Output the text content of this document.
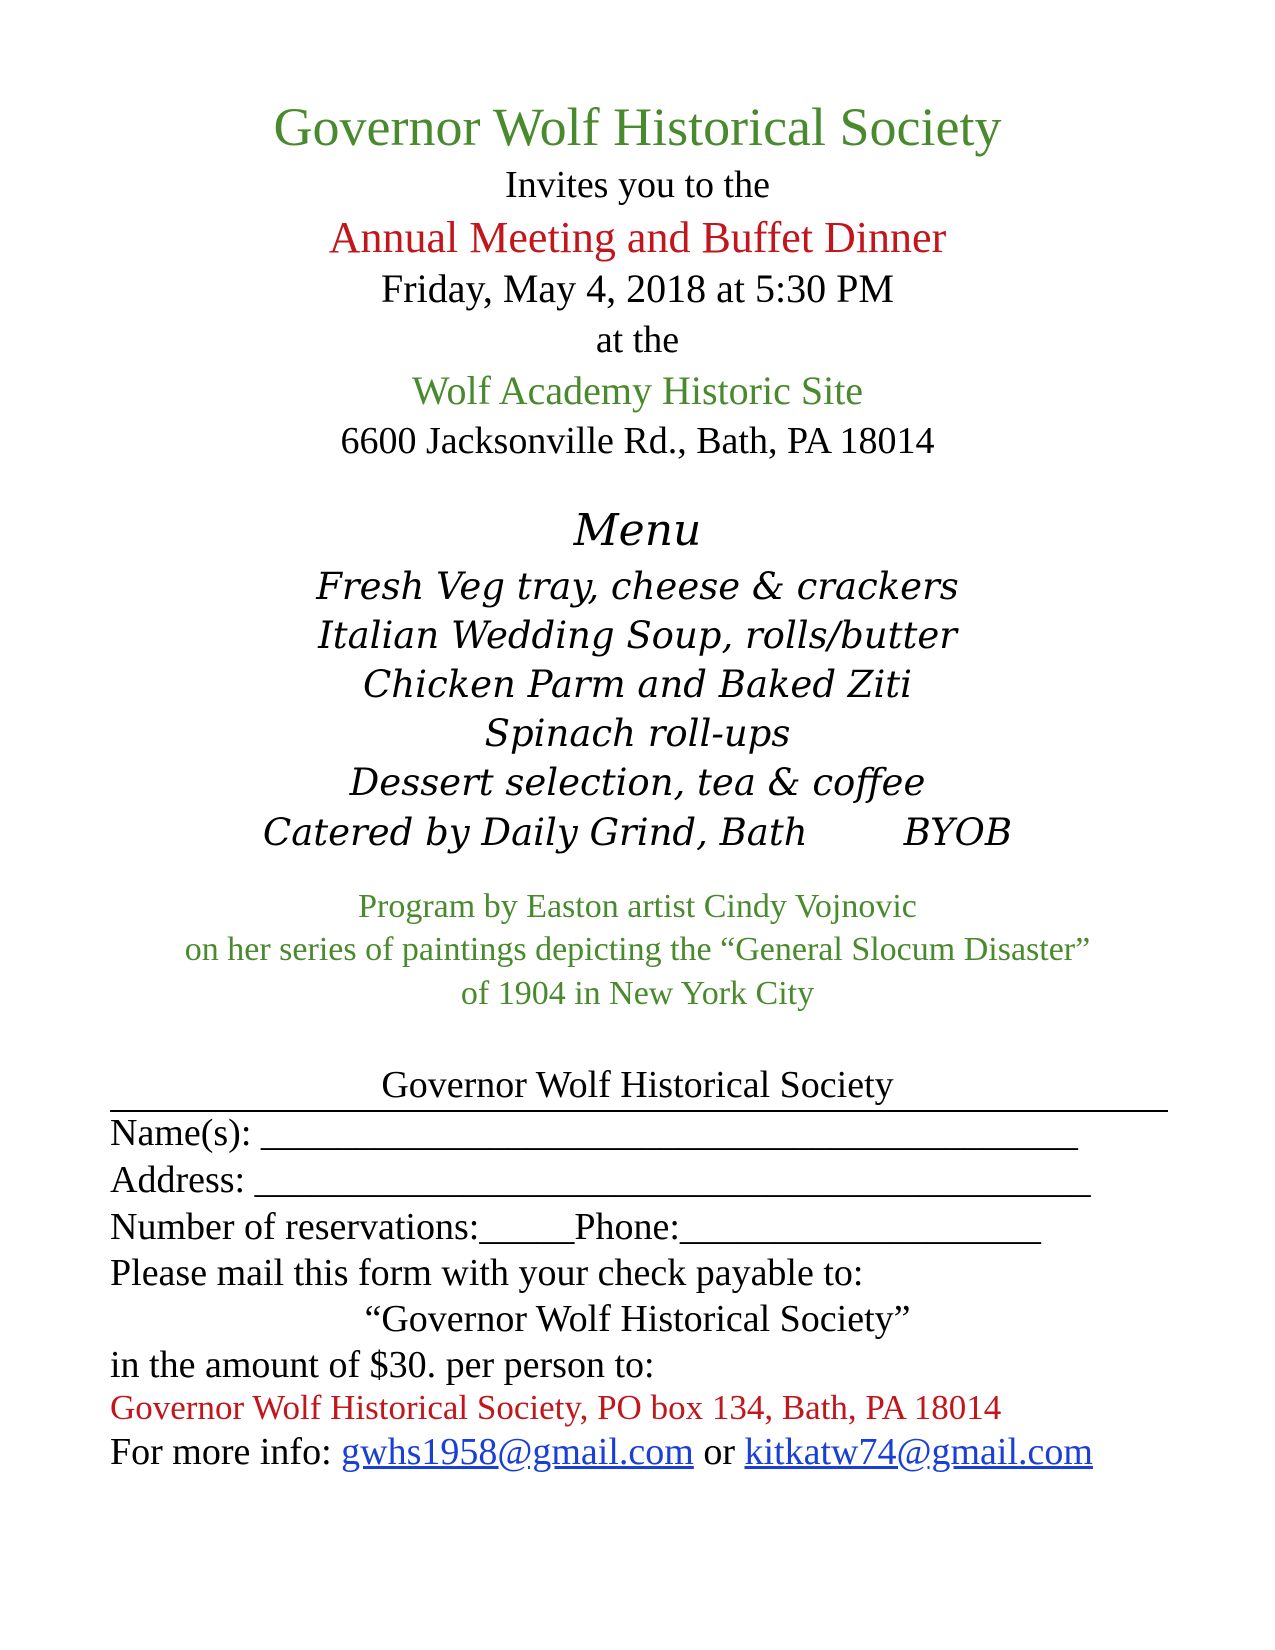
Governor Wolf Historical Society
Invites you to the
Annual Meeting and Buffet Dinner
Friday, May 4, 2018 at 5:30 PM
at the
Wolf Academy Historic Site
6600 Jacksonville Rd., Bath, PA 18014
Menu
Fresh Veg tray, cheese & crackers
Italian Wedding Soup, rolls/butter
Chicken Parm and Baked Ziti
Spinach roll-ups
Dessert selection, tea & coffee
Catered by Daily Grind, Bath	BYOB
Program by Easton artist Cindy Vojnovic
on her series of paintings depicting the “General Slocum Disaster”
of 1904 in New York City
Governor Wolf Historical Society
Name(s): ___________________________________________
Address: ____________________________________________
Number of reservations:_____Phone:___________________
Please mail this form with your check payable to:
“Governor Wolf Historical Society”
in the amount of $30. per person to:
Governor Wolf Historical Society, PO box 134, Bath, PA 18014
For more info: gwhs1958@gmail.com or kitkatw74@gmail.com
